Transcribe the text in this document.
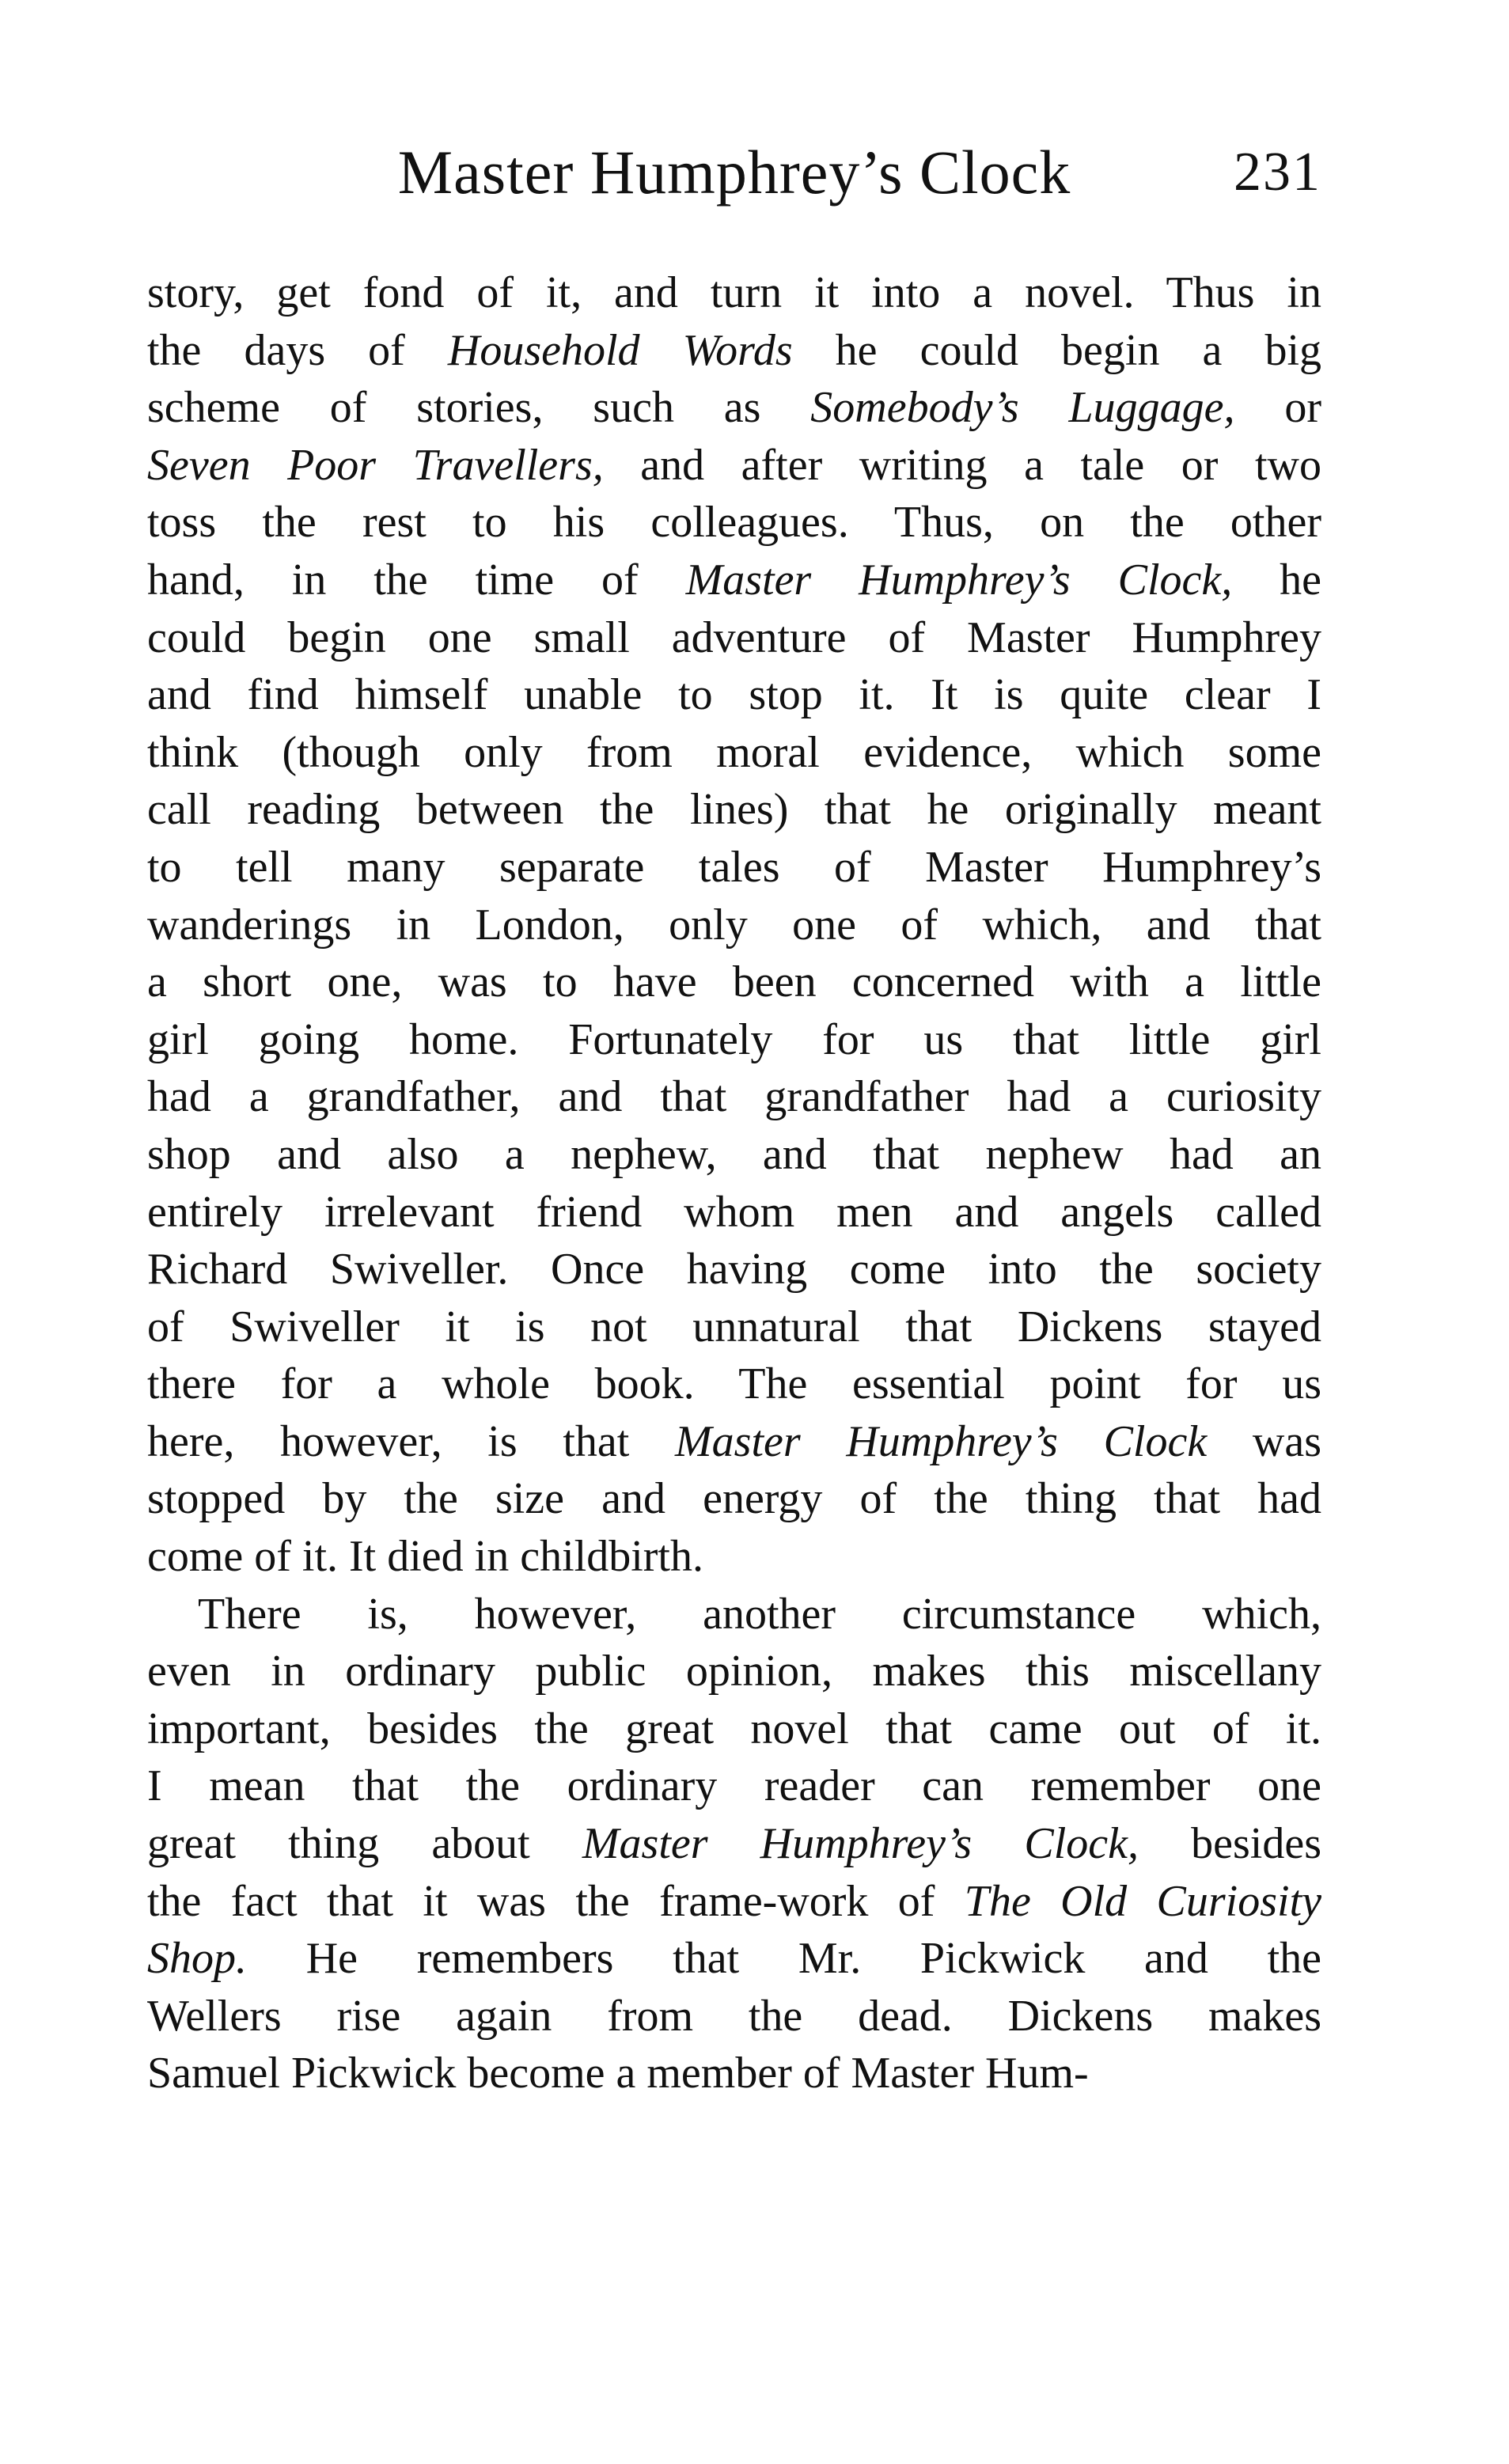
Master Humphrey’s Clock	231
story, get fond of it, and turn it into a novel. Thus in
the days of Household Words he could begin a big
scheme of stories, such as Somebody’s Luggage, or
Seven Poor Travellers, and after writing a tale or two
toss the rest to his colleagues. Thus, on the other
hand, in the time of Master Humphrey’s Clock, he
could begin one small adventure of Master Humphrey
and find himself unable to stop it. It is quite clear I
think (though only from moral evidence, which some
call reading between the lines) that he originally meant
to tell many separate tales of Master Humphrey’s
wanderings in London, only one of which, and that
a short one, was to have been concerned with a little
girl going home. Fortunately for us that little girl
had a grandfather, and that grandfather had a curiosity
shop and also a nephew, and that nephew had an
entirely irrelevant friend whom men and angels called
Richard Swiveller. Once having come into the society
of Swiveller it is not unnatural that Dickens stayed
there for a whole book. The essential point for us
here, however, is that Master Humphrey’s Clock was
stopped by the size and energy of the thing that had
come of it. It died in childbirth.
There is, however, another circumstance which,
even in ordinary public opinion, makes this miscellany
important, besides the great novel that came out of it.
I mean that the ordinary reader can remember one
great thing about Master Humphrey’s Clock, besides
the fact that it was the frame-work of The Old Curiosity
Shop. He remembers that Mr. Pickwick and the
Wellers rise again from the dead. Dickens makes
Samuel Pickwick become a member of Master Hum-
